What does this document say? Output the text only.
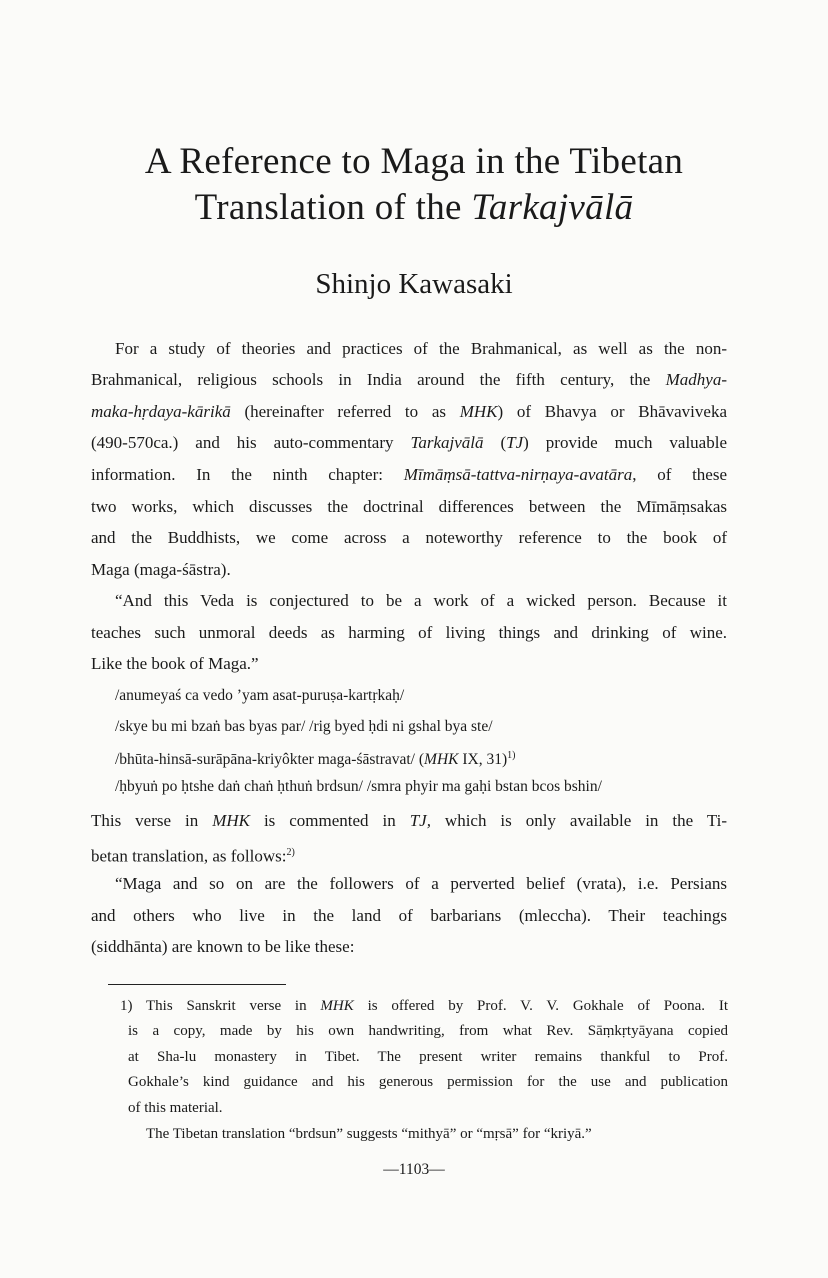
A Reference to Maga in the Tibetan
Translation of the Tarkajvālā
Shinjo Kawasaki
For a study of theories and practices of the Brahmanical, as well as the non-
Brahmanical, religious schools in India around the fifth century, the Madhya-
maka-hṛdaya-kārikā (hereinafter referred to as MHK) of Bhavya or Bhāvaviveka
(490-570ca.) and his auto-commentary Tarkajvālā (TJ) provide much valuable
information. In the ninth chapter: Mīmāṃsā-tattva-nirṇaya-avatāra, of these
two works, which discusses the doctrinal differences between the Mīmāṃsakas
and the Buddhists, we come across a noteworthy reference to the book of
Maga (maga-śāstra).
“And this Veda is conjectured to be a work of a wicked person. Because it
teaches such unmoral deeds as harming of living things and drinking of wine.
Like the book of Maga.”
/anumeyaś ca vedo ’yam asat-puruṣa-kartṛkaḥ/
/skye bu mi bzaṅ bas byas par/ /rig byed ḥdi ni gshal bya ste/
/bhūta-hinsā-surāpāna-kriyôkter maga-śāstravat/ (MHK IX, 31)$^{1)}$
/ḥbyuṅ po ḥtshe daṅ chaṅ ḥthuṅ brdsun/ /smra phyir ma gaḥi bstan bcos bshin/
This verse in MHK is commented in TJ, which is only available in the Ti-
betan translation, as follows:$^{2)}$
“Maga and so on are the followers of a perverted belief (vrata), i.e. Persians
and others who live in the land of barbarians (mleccha). Their teachings
(siddhānta) are known to be like these:
1) This Sanskrit verse in MHK is offered by Prof. V. V. Gokhale of Poona. It
is a copy, made by his own handwriting, from what Rev. Sāṃkṛtyāyana copied
at Sha-lu monastery in Tibet. The present writer remains thankful to Prof.
Gokhale’s kind guidance and his generous permission for the use and publication
of this material.
The Tibetan translation “brdsun” suggests “mithyā” or “mṛsā” for “kriyā.”
—1103—
